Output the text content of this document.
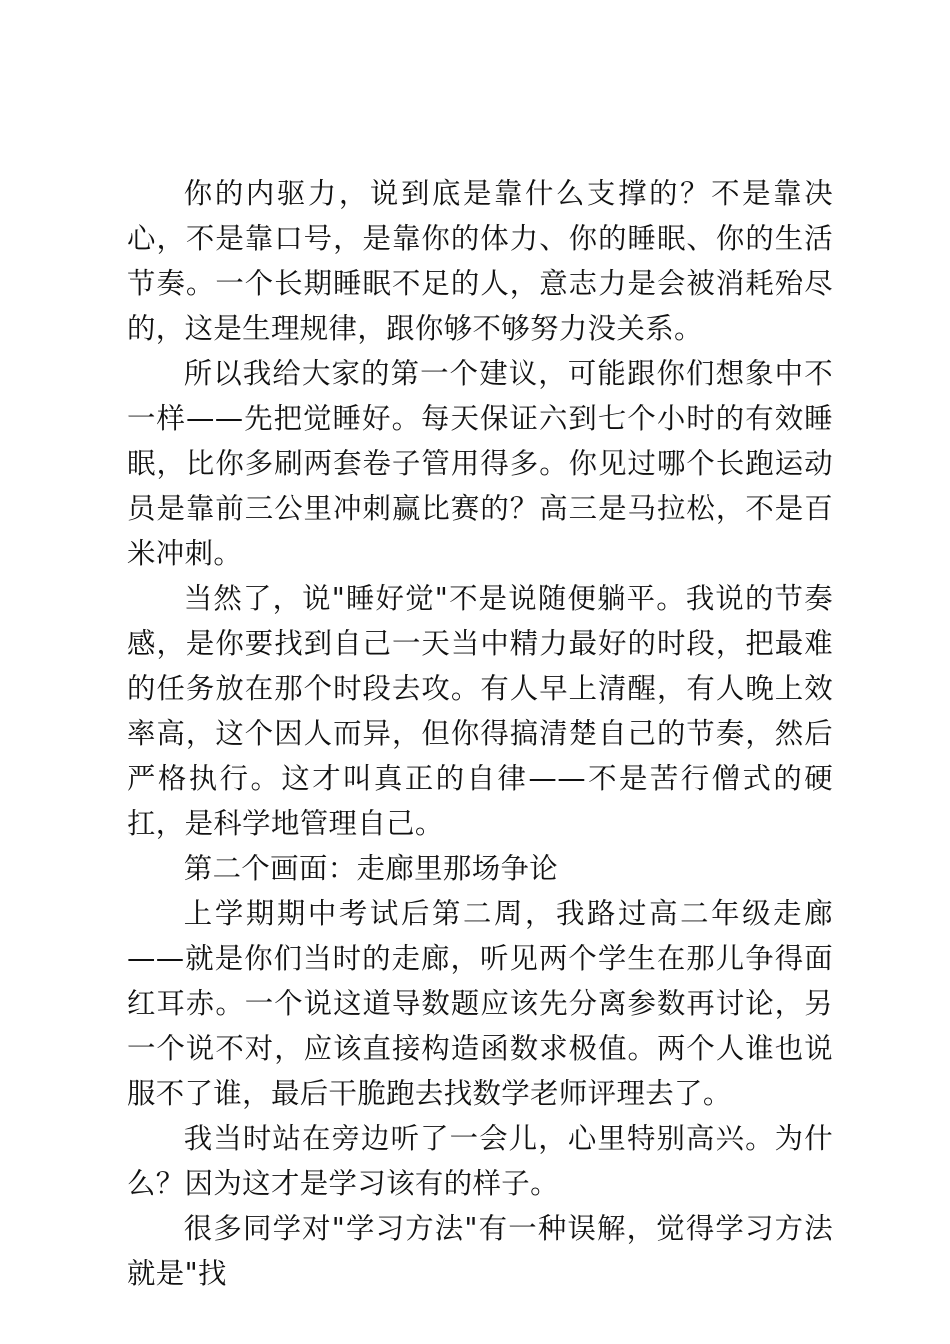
你的内驱力，说到底是靠什么支撑的？不是靠决心，不是靠口号，是靠你的体力、你的睡眠、你的生活节奏。一个长期睡眠不足的人，意志力是会被消耗殆尽的，这是生理规律，跟你够不够努力没关系。

所以我给大家的第一个建议，可能跟你们想象中不一样——先把觉睡好。每天保证六到七个小时的有效睡眠，比你多刷两套卷子管用得多。你见过哪个长跑运动员是靠前三公里冲刺赢比赛的？高三是马拉松，不是百米冲刺。

当然了，说"睡好觉"不是说随便躺平。我说的节奏感，是你要找到自己一天当中精力最好的时段，把最难的任务放在那个时段去攻。有人早上清醒，有人晚上效率高，这个因人而异，但你得搞清楚自己的节奏，然后严格执行。这才叫真正的自律——不是苦行僧式的硬扛，是科学地管理自己。

第二个画面：走廊里那场争论

上学期期中考试后第二周，我路过高二年级走廊——就是你们当时的走廊，听见两个学生在那儿争得面红耳赤。一个说这道导数题应该先分离参数再讨论，另一个说不对，应该直接构造函数求极值。两个人谁也说服不了谁，最后干脆跑去找数学老师评理去了。

我当时站在旁边听了一会儿，心里特别高兴。为什么？因为这才是学习该有的样子。

很多同学对"学习方法"有一种误解，觉得学习方法就是"找
